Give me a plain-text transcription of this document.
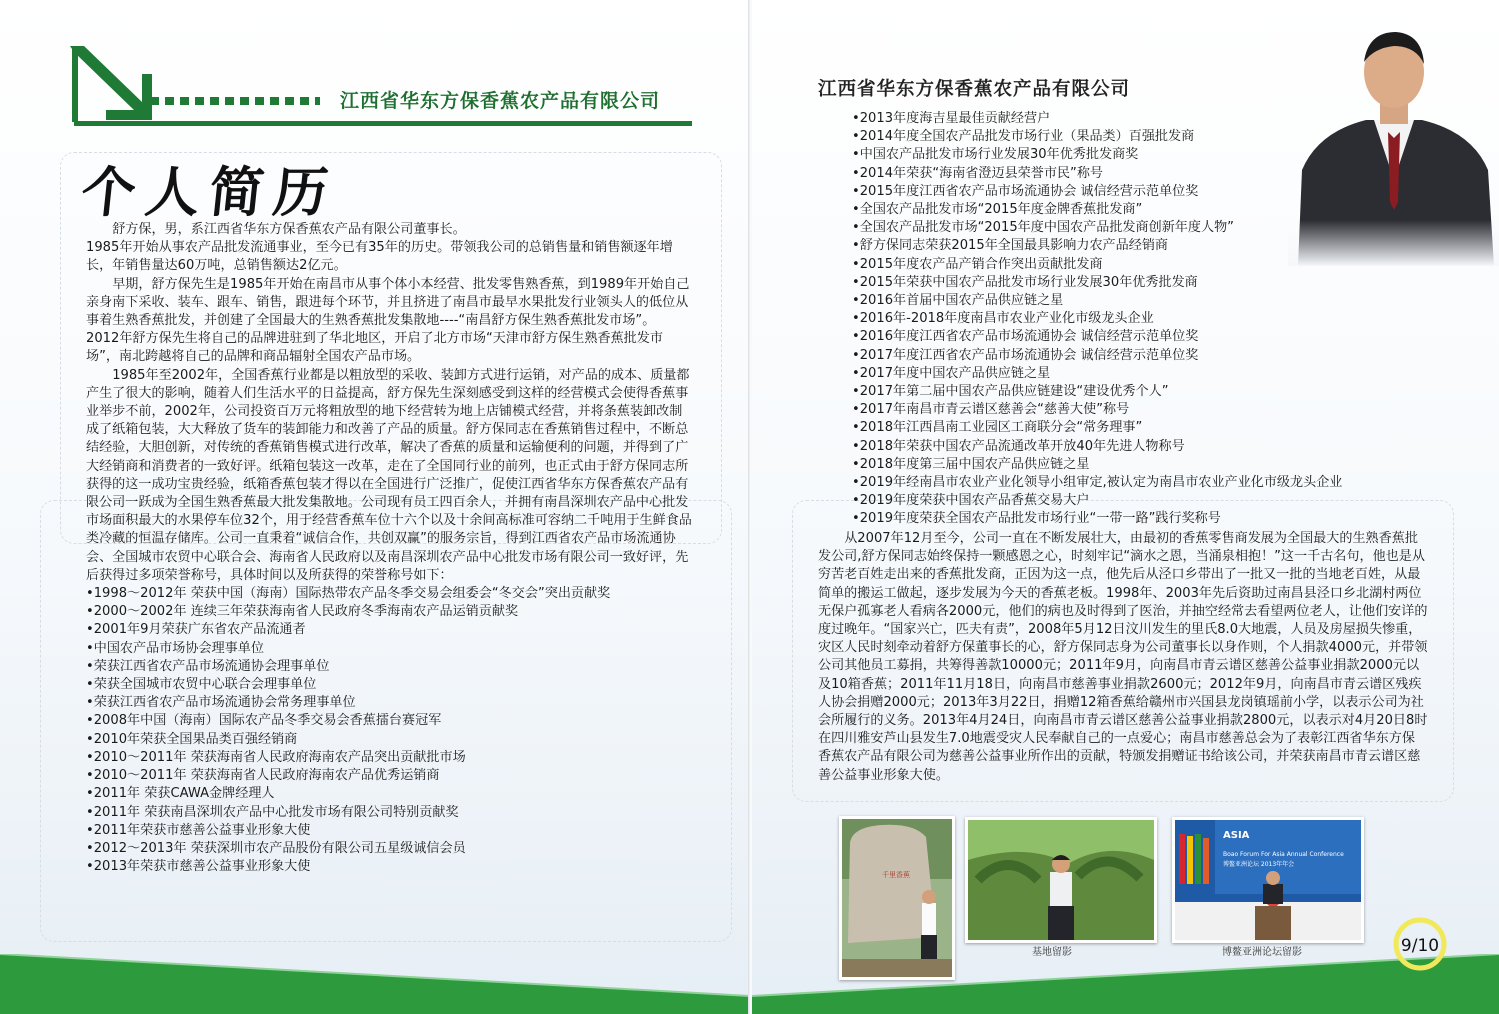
江西省华东方保香蕉农产品有限公司
个人简历

舒方保，男，系江西省华东方保香蕉农产品有限公司董事长。

1985年开始从事农产品批发流通事业，至今已有35年的历史。带领我公司的总销售量和销售额逐年增长，年销售量达60万吨，总销售额达2亿元。

早期，舒方保先生是1985年开始在南昌市从事个体小本经营、批发零售熟香蕉，到1989年开始自己亲身南下采收、装车、跟车、销售，跟进每个环节，并且挤进了南昌市最早水果批发行业领头人的低位从事着生熟香蕉批发，并创建了全国最大的生熟香蕉批发集散地----“南昌舒方保生熟香蕉批发市场”。

2012年舒方保先生将自己的品牌进驻到了华北地区，开启了北方市场“天津市舒方保生熟香蕉批发市场”，南北跨越将自己的品牌和商品辐射全国农产品市场。

1985年至2002年，全国香蕉行业都是以粗放型的采收、装卸方式进行运销，对产品的成本、质量都产生了很大的影响，随着人们生活水平的日益提高，舒方保先生深刻感受到这样的经营模式会使得香蕉事业举步不前，2002年，公司投资百万元将粗放型的地下经营转为地上店铺模式经营，并将条蕉装卸改制成了纸箱包装，大大释放了货车的装卸能力和改善了产品的质量。舒方保同志在香蕉销售过程中，不断总结经验，大胆创新，对传统的香蕉销售模式进行改革，解决了香蕉的质量和运输便利的问题，并得到了广大经销商和消费者的一致好评。纸箱包装这一改革，走在了全国同行业的前列，也正式由于舒方保同志所获得的这一成功宝贵经验，纸箱香蕉包装才得以在全国进行广泛推广，促使江西省华东方保香蕉农产品有限公司一跃成为全国生熟香蕉最大批发集散地。公司现有员工四百余人，并拥有南昌深圳农产品中心批发市场面积最大的水果停车位32个，用于经营香蕉车位十六个以及十余间高标准可容纳二千吨用于生鲜食品类冷藏的恒温存储库。公司一直秉着“诚信合作，共创双赢”的服务宗旨，得到江西省农产品市场流通协会、全国城市农贸中心联合会、海南省人民政府以及南昌深圳农产品中心批发市场有限公司一致好评，先后获得过多项荣誉称号，具体时间以及所获得的荣誉称号如下：

•1998～2012年 荣获中国（海南）国际热带农产品冬季交易会组委会“冬交会”突出贡献奖
•2000～2002年 连续三年荣获海南省人民政府冬季海南农产品运销贡献奖
•2001年9月荣获广东省农产品流通者
•中国农产品市场协会理事单位
•荣获江西省农产品市场流通协会理事单位
•荣获全国城市农贸中心联合会理事单位
•荣获江西省农产品市场流通协会常务理事单位
•2008年中国（海南）国际农产品冬季交易会香蕉擂台赛冠军
•2010年荣获全国果品类百强经销商
•2010～2011年 荣获海南省人民政府海南农产品突出贡献批市场
•2010～2011年 荣获海南省人民政府海南农产品优秀运销商
•2011年 荣获CAWA金牌经理人
•2011年 荣获南昌深圳农产品中心批发市场有限公司特别贡献奖
•2011年荣获市慈善公益事业形象大使
•2012～2013年 荣获深圳市农产品股份有限公司五星级诚信会员
•2013年荣获市慈善公益事业形象大使
江西省华东方保香蕉农产品有限公司
•2013年度海吉星最佳贡献经营户
•2014年度全国农产品批发市场行业（果品类）百强批发商
•中国农产品批发市场行业发展30年优秀批发商奖
•2014年荣获“海南省澄迈县荣誉市民”称号
•2015年度江西省农产品市场流通协会 诚信经营示范单位奖
•全国农产品批发市场“2015年度金牌香蕉批发商”
•全国农产品批发市场“2015年度中国农产品批发商创新年度人物”
•舒方保同志荣获2015年全国最具影响力农产品经销商
•2015年度农产品产销合作突出贡献批发商
•2015年荣获中国农产品批发市场行业发展30年优秀批发商
•2016年首届中国农产品供应链之星
•2016年-2018年度南昌市农业产业化市级龙头企业
•2016年度江西省农产品市场流通协会 诚信经营示范单位奖
•2017年度江西省农产品市场流通协会 诚信经营示范单位奖
•2017年度中国农产品供应链之星
•2017年第二届中国农产品供应链建设“建设优秀个人”
•2017年南昌市青云谱区慈善会“慈善大使”称号
•2018年江西昌南工业园区工商联分会“常务理事”
•2018年荣获中国农产品流通改革开放40年先进人物称号
•2018年度第三届中国农产品供应链之星
•2019年经南昌市农业产业化领导小组审定,被认定为南昌市农业产业化市级龙头企业
•2019年度荣获中国农产品香蕉交易大户
•2019年度荣获全国农产品批发市场行业“一带一路”践行奖称号

从2007年12月至今，公司一直在不断发展壮大，由最初的香蕉零售商发展为全国最大的生熟香蕉批发公司,舒方保同志始终保持一颗感恩之心，时刻牢记“滴水之恩，当涌泉相抱！”这一千古名句，他也是从穷苦老百姓走出来的香蕉批发商，正因为这一点，他先后从泾口乡带出了一批又一批的当地老百姓，从最简单的搬运工做起，逐步发展为今天的香蕉老板。1998年、2003年先后资助过南昌县泾口乡北湖村两位无保户孤寡老人看病各2000元，他们的病也及时得到了医治，并抽空经常去看望两位老人，让他们安详的度过晚年。“国家兴亡，匹夫有责”，2008年5月12日汶川发生的里氏8.0大地震，人员及房屋损失惨重，灾区人民时刻牵动着舒方保董事长的心，舒方保同志身为公司董事长以身作则，个人捐款4000元，并带领公司其他员工募捐，共筹得善款10000元；2011年9月，向南昌市青云谱区慈善公益事业捐款2000元以及10箱香蕉；2011年11月18日，向南昌市慈善事业捐款2600元；2012年9月，向南昌市青云谱区残疾人协会捐赠2000元；2013年3月22日，捐赠12箱香蕉给赣州市兴国县龙岗镇瑶前小学，以表示公司为社会所履行的义务。2013年4月24日，向南昌市青云谱区慈善公益事业捐款2800元，以表示对4月20日8时在四川雅安芦山县发生7.0地震受灾人民奉献自己的一点爱心；南昌市慈善总会为了表彰江西省华东方保香蕉农产品有限公司为慈善公益事业所作出的贡献，特颁发捐赠证书给该公司，并荣获南昌市青云谱区慈善公益事业形象大使。

千里香蕉
基地留影
ASIA
Boao Forum For Asia Annual Conference
博鳌亚洲论坛 2013年年会
博鳌亚洲论坛留影	9/10
